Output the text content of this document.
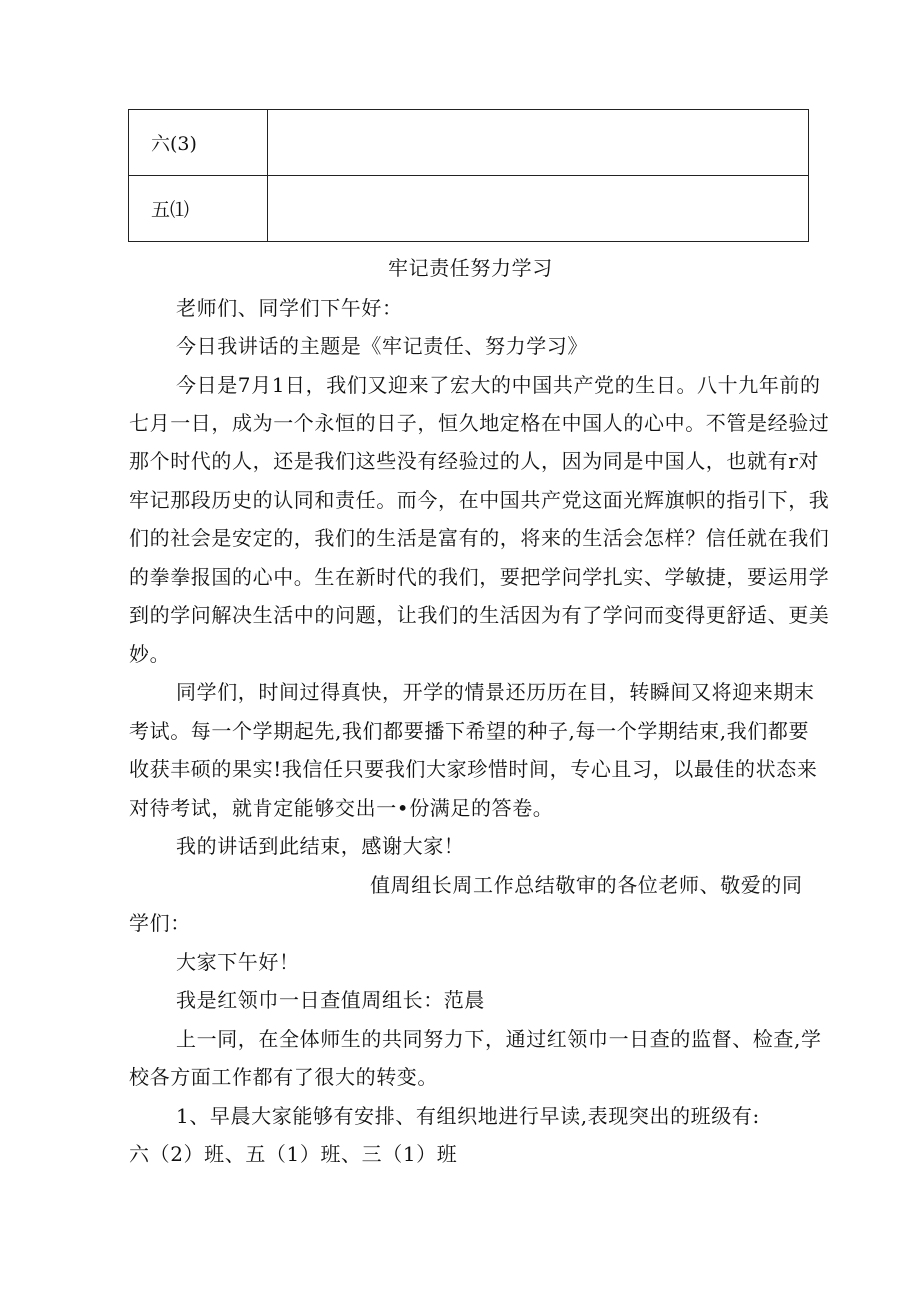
六(3)	
五⑴	
牢记责任努力学习
老师们、同学们下午好：
今日我讲话的主题是《牢记责任、努力学习》
今日是7月1日，我们又迎来了宏大的中国共产党的生日。八十九年前的
七月一日，成为一个永恒的日子，恒久地定格在中国人的心中。不管是经验过
那个时代的人，还是我们这些没有经验过的人，因为同是中国人，也就有r对
牢记那段历史的认同和责任。而今，在中国共产党这面光辉旗帜的指引下，我
们的社会是安定的，我们的生活是富有的，将来的生活会怎样？信任就在我们
的拳拳报国的心中。生在新时代的我们，要把学问学扎实、学敏捷，要运用学
到的学问解决生活中的问题，让我们的生活因为有了学问而变得更舒适、更美
妙。
同学们，时间过得真快，开学的情景还历历在目，转瞬间又将迎来期末
考试。每一个学期起先,我们都要播下希望的种子,每一个学期结束,我们都要
收获丰硕的果实!我信任只要我们大家珍惜时间，专心且习，以最佳的状态来
对待考试，就肯定能够交出一•份满足的答卷。
我的讲话到此结束，感谢大家！
值周组长周工作总结敬审的各位老师、敬爱的同
学们：
大家下午好！
我是红领巾一日查值周组长：范晨
上一同，在全体师生的共同努力下，通过红领巾一日查的监督、检查,学
校各方面工作都有了很大的转变。
1、早晨大家能够有安排、有组织地进行早读,表现突出的班级有:
六（2）班、五（1）班、三（1）班
